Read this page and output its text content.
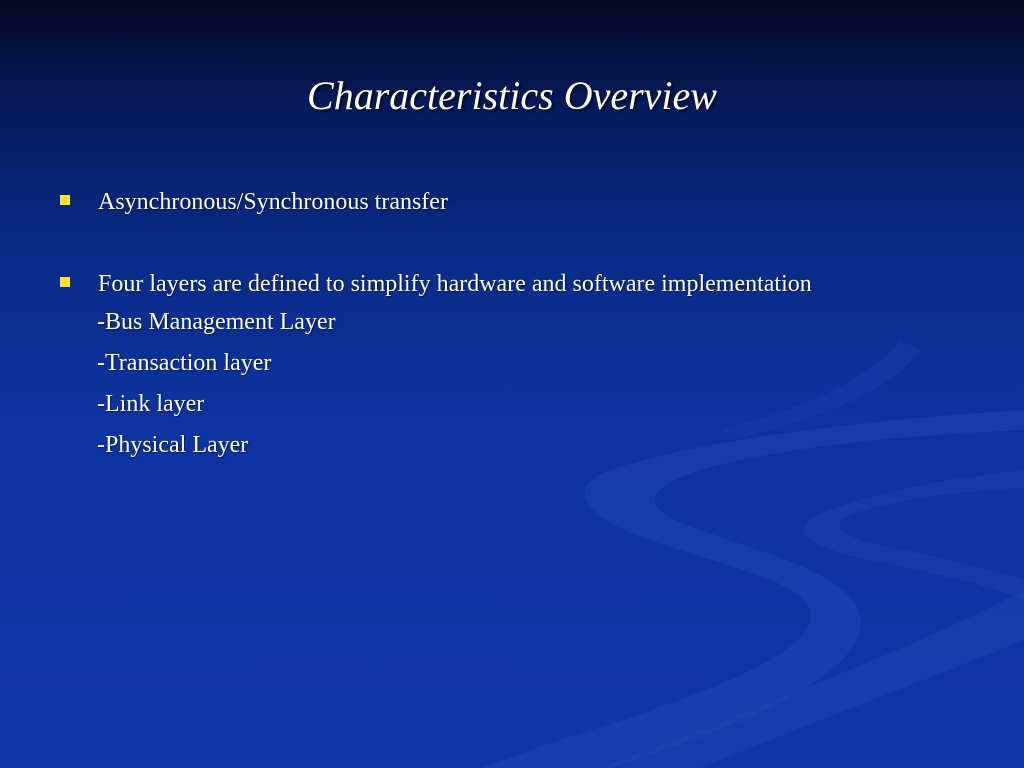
Characteristics Overview
Asynchronous/Synchronous transfer
Four layers are defined to simplify hardware and software implementation
-Bus Management Layer
-Transaction layer
-Link layer
-Physical Layer
